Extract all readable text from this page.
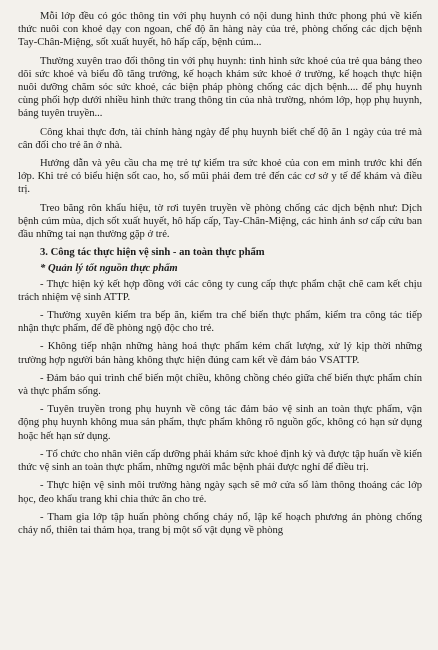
Mỗi lớp đều có góc thông tin với phụ huynh có nội dung hình thức phong phú về kiến thức nuôi con khoẻ dạy con ngoan, chế độ ăn hàng này của trẻ, phòng chống các dịch bệnh Tay-Chân-Miệng, sốt xuất huyết, hô hấp cấp, bệnh cúm...

Thường xuyên trao đổi thông tin với phụ huynh: tình hình sức khoẻ của trẻ qua bảng theo dõi sức khoẻ và biểu đồ tăng trưởng, kế hoạch khám sức khoẻ ở trường, kế hoạch thực hiện nuôi dưỡng chăm sóc sức khoẻ, các biện pháp phòng chống các dịch bệnh.... để phụ huynh cùng phối hợp dưới nhiều hình thức trang thông tin của nhà trường, nhóm lớp, họp phụ huynh, bảng tuyên truyền...

Công khai thực đơn, tài chính hàng ngày để phụ huynh biết chế độ ăn 1 ngày của trẻ mà cân đối cho trẻ ăn ở nhà.

Hướng dẫn và yêu cầu cha mẹ trẻ tự kiểm tra sức khoẻ của con em mình trước khi đến lớp. Khi trẻ có biểu hiện sốt cao, ho, sổ mũi phải đem trẻ đến các cơ sở y tế để khám và điều trị.

Treo băng rôn khẩu hiệu, tờ rơi tuyên truyền về phòng chống các dịch bệnh như: Dịch bệnh cúm mùa, dịch sốt xuất huyết, hô hấp cấp, Tay-Chân-Miệng, các hình ảnh sơ cấp cứu ban đầu những tai nạn thường gặp ở trẻ.

3. Công tác thực hiện vệ sinh - an toàn thực phẩm

* Quản lý tốt nguồn thực phẩm

- Thực hiện ký kết hợp đồng với các công ty cung cấp thực phẩm chặt chẽ cam kết chịu trách nhiệm vệ sinh ATTP.

- Thường xuyên kiểm tra bếp ăn, kiểm tra chế biến thực phẩm, kiểm tra công tác tiếp nhận thực phẩm, để đề phòng ngộ độc cho trẻ.

- Không tiếp nhận những hàng hoá thực phẩm kém chất lượng, xử lý kịp thời những trường hợp người bán hàng không thực hiện đúng cam kết về đảm bảo VSATTP.

- Đảm bảo qui trình chế biến một chiều, không chồng chéo giữa chế biến thực phẩm chín và thực phẩm sống.

- Tuyên truyền trong phụ huynh về công tác đảm bảo vệ sinh an toàn thực phẩm, vận động phụ huynh không mua sản phẩm, thực phẩm không rõ nguồn gốc, không có hạn sử dụng hoặc hết hạn sử dụng.

- Tổ chức cho nhân viên cấp dưỡng phải khám sức khoẻ định kỳ và được tập huấn về kiến thức vệ sinh an toàn thực phẩm, những người mắc bệnh phải được nghỉ để điều trị.

- Thực hiện vệ sinh môi trường hàng ngày sạch sẽ mở cửa sổ làm thông thoáng các lớp học, đeo khẩu trang khi chia thức ăn cho trẻ.

- Tham gia lớp tập huấn phòng chống cháy nổ, lập kế hoạch phương án phòng chống cháy nổ, thiên tai thảm họa, trang bị một số vật dụng về phòng
